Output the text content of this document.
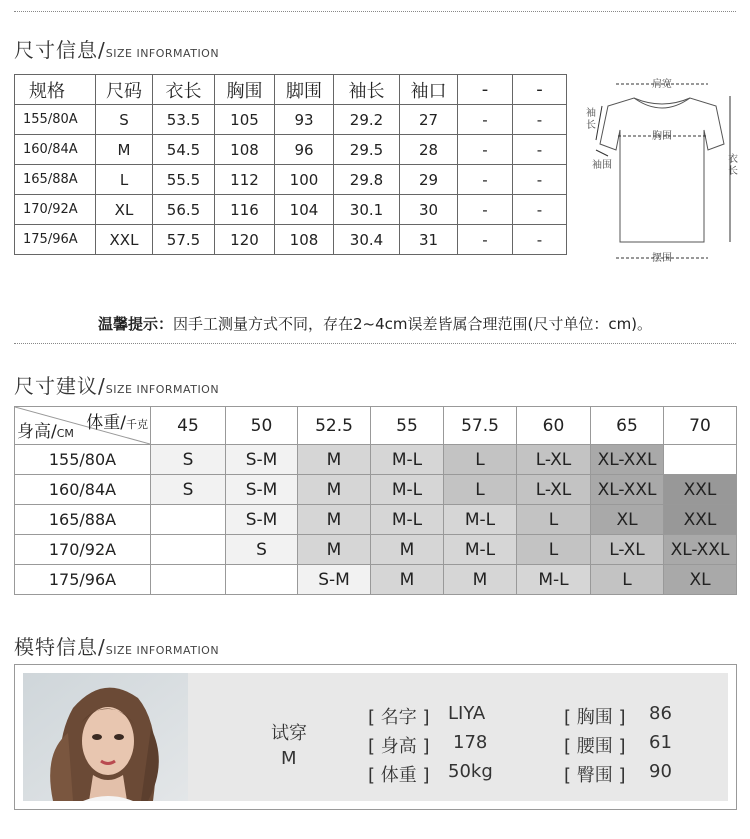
尺寸信息/SIZE INFORMATION
规格	尺码	衣长	胸围	脚围	袖长	袖口	-	-
155/80A	S	53.5	105	93	29.2	27	-	-
160/84A	M	54.5	108	96	29.5	28	-	-
165/88A	L	55.5	112	100	29.8	29	-	-
170/92A	XL	56.5	116	104	30.1	30	-	-
175/96A	XXL	57.5	120	108	30.4	31	-	-
肩宽
胸围
袖
长
袖围
衣
长
摆围
温馨提示：因手工测量方式不同，存在2~4cm误差皆属合理范围(尺寸单位：cm)。
尺寸建议/SIZE INFORMATION
体重/千克
身高/CM	45	50	52.5	55	57.5	60	65	70
155/80A	S	S-M	M	M-L	L	L-XL	XL-XXL	
160/84A	S	S-M	M	M-L	L	L-XL	XL-XXL	XXL
165/88A		S-M	M	M-L	M-L	L	XL	XXL
170/92A		S	M	M	M-L	L	L-XL	XL-XXL
175/96A			S-M	M	M	M-L	L	XL
模特信息/SIZE INFORMATION
试穿
M
[ 名字 ] LIYA
[ 身高 ] 178
[ 体重 ] 50kg
[ 胸围 ] 86
[ 腰围 ] 61
[ 臀围 ] 90
